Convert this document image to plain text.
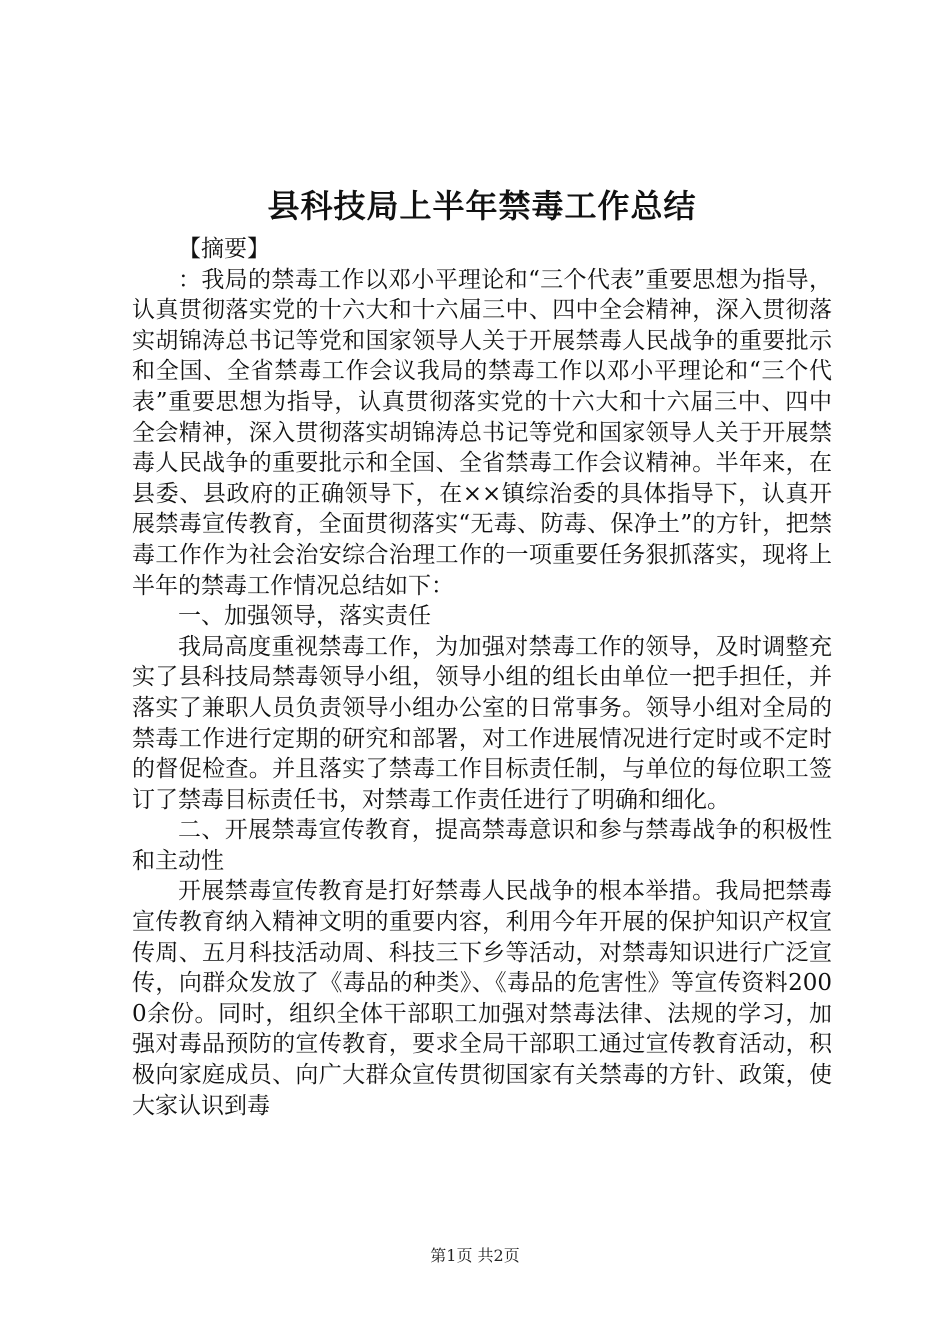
县科技局上半年禁毒工作总结

【摘要】

：我局的禁毒工作以邓小平理论和“三个代表”重要思想为指导，认真贯彻落实党的十六大和十六届三中、四中全会精神，深入贯彻落实胡锦涛总书记等党和国家领导人关于开展禁毒人民战争的重要批示和全国、全省禁毒工作会议我局的禁毒工作以邓小平理论和“三个代表”重要思想为指导，认真贯彻落实党的十六大和十六届三中、四中全会精神，深入贯彻落实胡锦涛总书记等党和国家领导人关于开展禁毒人民战争的重要批示和全国、全省禁毒工作会议精神。半年来，在县委、县政府的正确领导下，在××镇综治委的具体指导下，认真开展禁毒宣传教育，全面贯彻落实“无毒、防毒、保净土”的方针，把禁毒工作作为社会治安综合治理工作的一项重要任务狠抓落实，现将上半年的禁毒工作情况总结如下：

一、加强领导，落实责任

我局高度重视禁毒工作，为加强对禁毒工作的领导，及时调整充实了县科技局禁毒领导小组，领导小组的组长由单位一把手担任，并落实了兼职人员负责领导小组办公室的日常事务。领导小组对全局的禁毒工作进行定期的研究和部署，对工作进展情况进行定时或不定时的督促检查。并且落实了禁毒工作目标责任制，与单位的每位职工签订了禁毒目标责任书，对禁毒工作责任进行了明确和细化。

二、开展禁毒宣传教育，提高禁毒意识和参与禁毒战争的积极性和主动性

开展禁毒宣传教育是打好禁毒人民战争的根本举措。我局把禁毒宣传教育纳入精神文明的重要内容，利用今年开展的保护知识产权宣传周、五月科技活动周、科技三下乡等活动，对禁毒知识进行广泛宣传，向群众发放了《毒品的种类》、《毒品的危害性》等宣传资料2000余份。同时，组织全体干部职工加强对禁毒法律、法规的学习，加强对毒品预防的宣传教育，要求全局干部职工通过宣传教育活动，积极向家庭成员、向广大群众宣传贯彻国家有关禁毒的方针、政策，使大家认识到毒

第1页 共2页
